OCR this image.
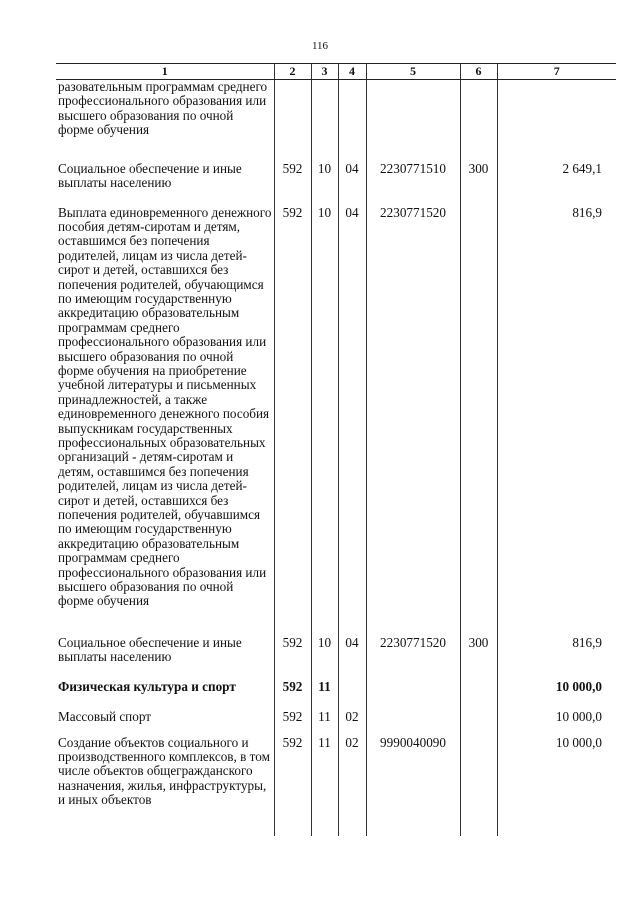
116
1	2	3	4	5	6	7
разовательным программам среднего профессионального образования или высшего образования по очной форме обучения						
Социальное обеспечение и иные выплаты населению	592	10	04	2230771510	300	2 649,1
Выплата единовременного денежного пособия детям-сиротам и детям, оставшимся без попечения родителей, лицам из числа детей-сирот и детей, оставшихся без попечения родителей, обучающимся по имеющим государственную аккредитацию образовательным программам среднего профессионального образования или высшего образования по очной форме обучения на приобретение учебной литературы и письменных принадлежностей, а также единовременного денежного пособия выпускникам государственных профессиональных образовательных организаций - детям-сиротам и детям, оставшимся без попечения родителей, лицам из числа детей-сирот и детей, оставшихся без попечения родителей, обучавшимся по имеющим государственную аккредитацию образовательным программам среднего профессионального образования или высшего образования по очной форме обучения	592	10	04	2230771520		816,9
Социальное обеспечение и иные выплаты населению	592	10	04	2230771520	300	816,9
Физическая культура и спорт	592	11				10 000,0
Массовый спорт	592	11	02			10 000,0
Создание объектов социального и производственного комплексов, в том числе объектов общегражданского назначения, жилья, инфраструктуры, и иных объектов	592	11	02	9990040090		10 000,0
